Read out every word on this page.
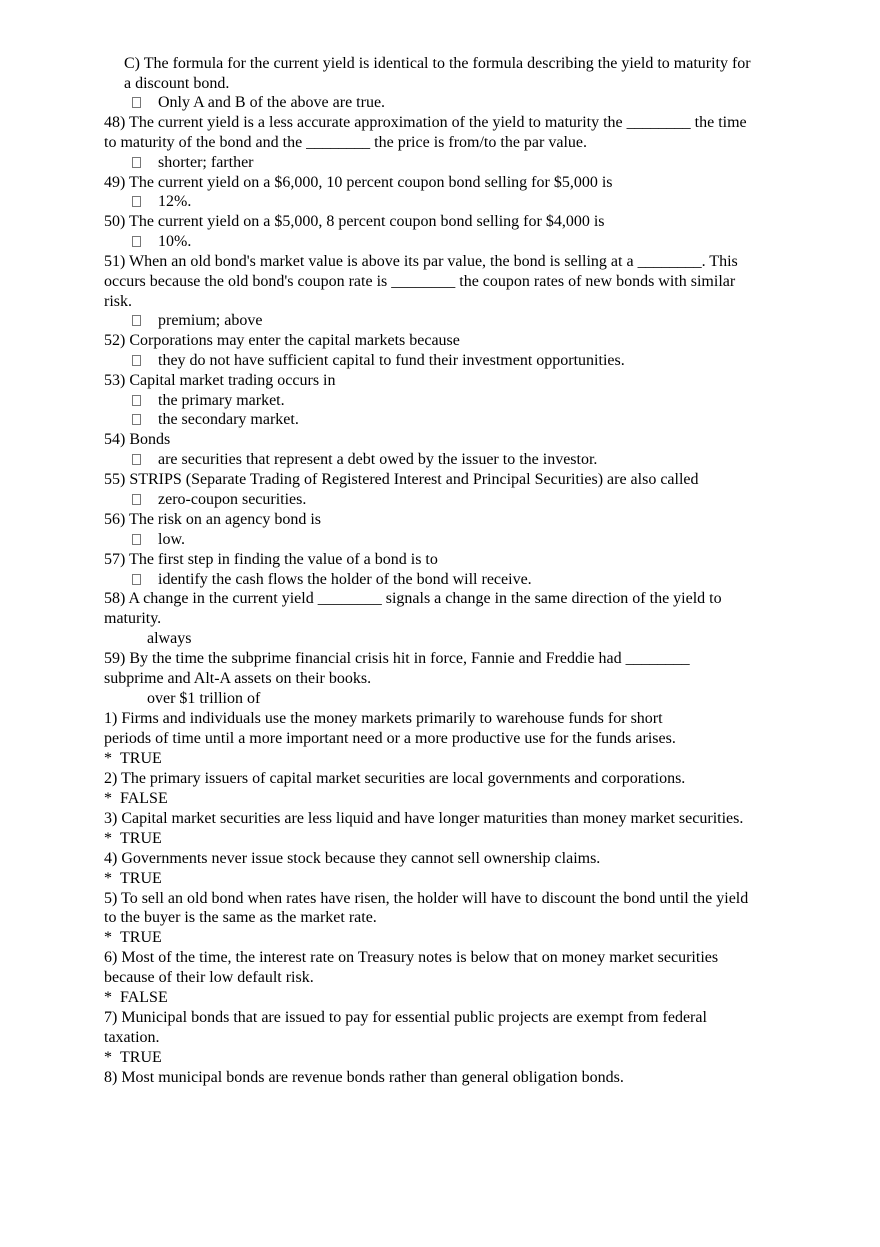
C) The formula for the current yield is identical to the formula describing the yield to maturity for
a discount bond.
Only A and B of the above are true.
48) The current yield is a less accurate approximation of the yield to maturity the ________ the time
to maturity of the bond and the ________ the price is from/to the par value.
shorter; farther
49) The current yield on a $6,000, 10 percent coupon bond selling for $5,000 is
12%.
50) The current yield on a $5,000, 8 percent coupon bond selling for $4,000 is
10%.
51) When an old bond's market value is above its par value, the bond is selling at a ________. This
occurs because the old bond's coupon rate is ________ the coupon rates of new bonds with similar
risk.
premium; above
52) Corporations may enter the capital markets because
they do not have sufficient capital to fund their investment opportunities.
53) Capital market trading occurs in
the primary market.
the secondary market.
54) Bonds
are securities that represent a debt owed by the issuer to the investor.
55) STRIPS (Separate Trading of Registered Interest and Principal Securities) are also called
zero-coupon securities.
56) The risk on an agency bond is
low.
57) The first step in finding the value of a bond is to
identify the cash flows the holder of the bond will receive.
58) A change in the current yield ________ signals a change in the same direction of the yield to
maturity.
always
59) By the time the subprime financial crisis hit in force, Fannie and Freddie had ________
subprime and Alt-A assets on their books.
over $1 trillion of
1) Firms and individuals use the money markets primarily to warehouse funds for short
periods of time until a more important need or a more productive use for the funds arises.
* TRUE
2) The primary issuers of capital market securities are local governments and corporations.
* FALSE
3) Capital market securities are less liquid and have longer maturities than money market securities.
* TRUE
4) Governments never issue stock because they cannot sell ownership claims.
* TRUE
5) To sell an old bond when rates have risen, the holder will have to discount the bond until the yield
to the buyer is the same as the market rate.
* TRUE
6) Most of the time, the interest rate on Treasury notes is below that on money market securities
because of their low default risk.
* FALSE
7) Municipal bonds that are issued to pay for essential public projects are exempt from federal
taxation.
* TRUE
8) Most municipal bonds are revenue bonds rather than general obligation bonds.
